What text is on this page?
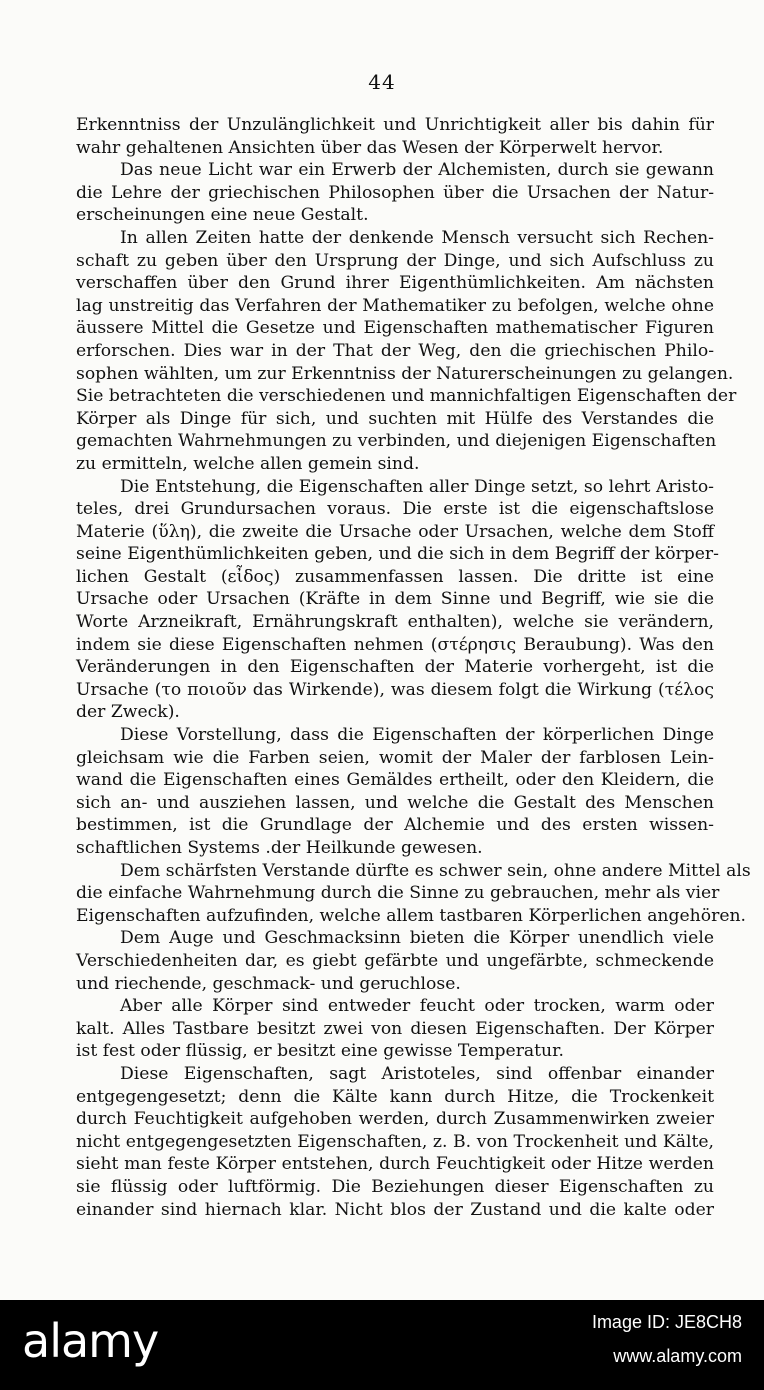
44
Erkenntniss der Unzulänglichkeit und Unrichtigkeit aller bis dahin für
wahr gehaltenen Ansichten über das Wesen der Körperwelt hervor.
Das neue Licht war ein Erwerb der Alchemisten, durch sie gewann
die Lehre der griechischen Philosophen über die Ursachen der Natur-
erscheinungen eine neue Gestalt.
In allen Zeiten hatte der denkende Mensch versucht sich Rechen-
schaft zu geben über den Ursprung der Dinge, und sich Aufschluss zu
verschaffen über den Grund ihrer Eigenthümlichkeiten. Am nächsten
lag unstreitig das Verfahren der Mathematiker zu befolgen, welche ohne
äussere Mittel die Gesetze und Eigenschaften mathematischer Figuren
erforschen. Dies war in der That der Weg, den die griechischen Philo-
sophen wählten, um zur Erkenntniss der Naturerscheinungen zu gelangen.
Sie betrachteten die verschiedenen und mannichfaltigen Eigenschaften der
Körper als Dinge für sich, und suchten mit Hülfe des Verstandes die
gemachten Wahrnehmungen zu verbinden, und diejenigen Eigenschaften
zu ermitteln, welche allen gemein sind.
Die Entstehung, die Eigenschaften aller Dinge setzt, so lehrt Aristo-
teles, drei Grundursachen voraus. Die erste ist die eigenschaftslose
Materie (ὕλη), die zweite die Ursache oder Ursachen, welche dem Stoff
seine Eigenthümlichkeiten geben, und die sich in dem Begriff der körper-
lichen Gestalt (εἶδος) zusammenfassen lassen. Die dritte ist eine
Ursache oder Ursachen (Kräfte in dem Sinne und Begriff, wie sie die
Worte Arzneikraft, Ernährungskraft enthalten), welche sie verändern,
indem sie diese Eigenschaften nehmen (στέρησις Beraubung). Was den
Veränderungen in den Eigenschaften der Materie vorhergeht, ist die
Ursache (το ποιοῦν das Wirkende), was diesem folgt die Wirkung (τέλος
der Zweck).
Diese Vorstellung, dass die Eigenschaften der körperlichen Dinge
gleichsam wie die Farben seien, womit der Maler der farblosen Lein-
wand die Eigenschaften eines Gemäldes ertheilt, oder den Kleidern, die
sich an- und ausziehen lassen, und welche die Gestalt des Menschen
bestimmen, ist die Grundlage der Alchemie und des ersten wissen-
schaftlichen Systems .der Heilkunde gewesen.
Dem schärfsten Verstande dürfte es schwer sein, ohne andere Mittel als
die einfache Wahrnehmung durch die Sinne zu gebrauchen, mehr als vier
Eigenschaften aufzufinden, welche allem tastbaren Körperlichen angehören.
Dem Auge und Geschmacksinn bieten die Körper unendlich viele
Verschiedenheiten dar, es giebt gefärbte und ungefärbte, schmeckende
und riechende, geschmack- und geruchlose.
Aber alle Körper sind entweder feucht oder trocken, warm oder
kalt. Alles Tastbare besitzt zwei von diesen Eigenschaften. Der Körper
ist fest oder flüssig, er besitzt eine gewisse Temperatur.
Diese Eigenschaften, sagt Aristoteles, sind offenbar einander
entgegengesetzt; denn die Kälte kann durch Hitze, die Trockenkeit
durch Feuchtigkeit aufgehoben werden, durch Zusammenwirken zweier
nicht entgegengesetzten Eigenschaften, z. B. von Trockenheit und Kälte,
sieht man feste Körper entstehen, durch Feuchtigkeit oder Hitze werden
sie flüssig oder luftförmig. Die Beziehungen dieser Eigenschaften zu
einander sind hiernach klar. Nicht blos der Zustand und die kalte oder
alamy	Image ID: JE8CH8
www.alamy.com
